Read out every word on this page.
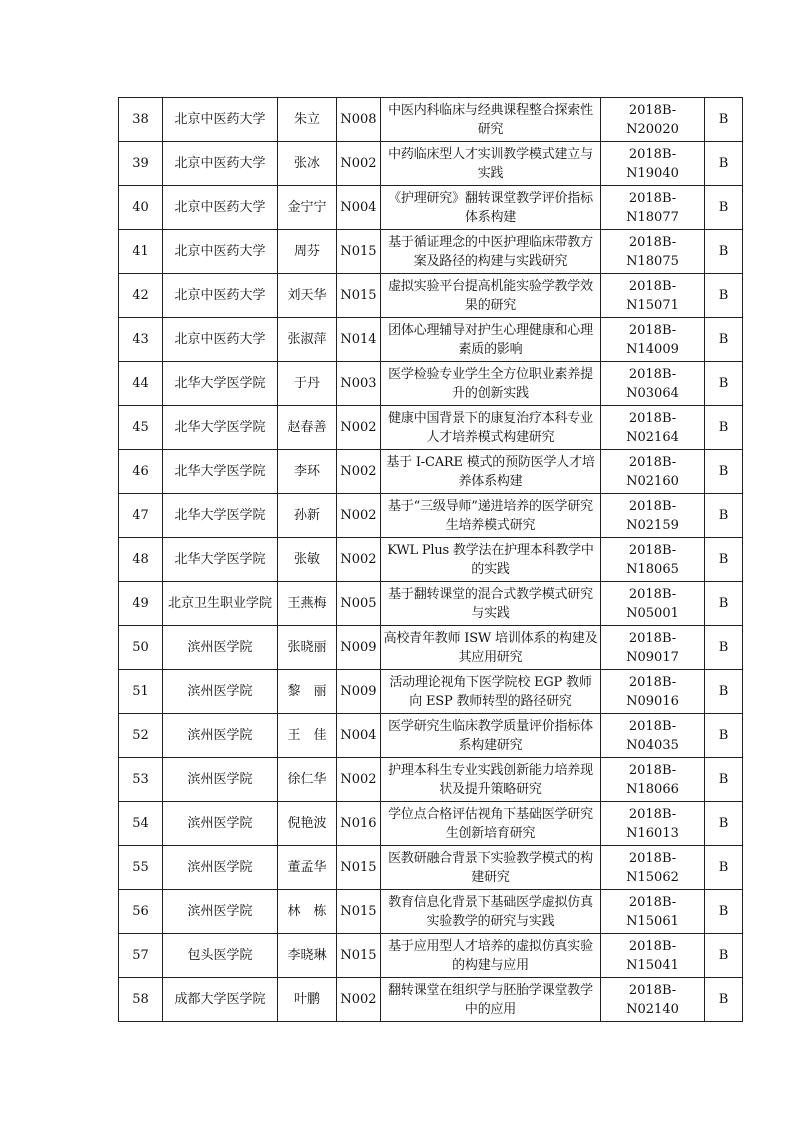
38	北京中医药大学	朱立	N008	中医内科临床与经典课程整合探索性研究	2018B-N20020	B
39	北京中医药大学	张冰	N002	中药临床型人才实训教学模式建立与实践	2018B-N19040	B
40	北京中医药大学	金宁宁	N004	《护理研究》翻转课堂教学评价指标体系构建	2018B-N18077	B
41	北京中医药大学	周芬	N015	基于循证理念的中医护理临床带教方案及路径的构建与实践研究	2018B-N18075	B
42	北京中医药大学	刘天华	N015	虚拟实验平台提高机能实验学教学效果的研究	2018B-N15071	B
43	北京中医药大学	张淑萍	N014	团体心理辅导对护生心理健康和心理素质的影响	2018B-N14009	B
44	北华大学医学院	于丹	N003	医学检验专业学生全方位职业素养提升的创新实践	2018B-N03064	B
45	北华大学医学院	赵春善	N002	健康中国背景下的康复治疗本科专业人才培养模式构建研究	2018B-N02164	B
46	北华大学医学院	李环	N002	基于 I-CARE 模式的预防医学人才培养体系构建	2018B-N02160	B
47	北华大学医学院	孙新	N002	基于“三级导师”递进培养的医学研究生培养模式研究	2018B-N02159	B
48	北华大学医学院	张敏	N002	KWL Plus 教学法在护理本科教学中的实践	2018B-N18065	B
49	北京卫生职业学院	王燕梅	N005	基于翻转课堂的混合式教学模式研究与实践	2018B-N05001	B
50	滨州医学院	张晓丽	N009	高校青年教师 ISW 培训体系的构建及其应用研究	2018B-N09017	B
51	滨州医学院	黎　丽	N009	活动理论视角下医学院校 EGP 教师向 ESP 教师转型的路径研究	2018B-N09016	B
52	滨州医学院	王　佳	N004	医学研究生临床教学质量评价指标体系构建研究	2018B-N04035	B
53	滨州医学院	徐仁华	N002	护理本科生专业实践创新能力培养现状及提升策略研究	2018B-N18066	B
54	滨州医学院	倪艳波	N016	学位点合格评估视角下基础医学研究生创新培育研究	2018B-N16013	B
55	滨州医学院	董孟华	N015	医教研融合背景下实验教学模式的构建研究	2018B-N15062	B
56	滨州医学院	林　栋	N015	教育信息化背景下基础医学虚拟仿真实验教学的研究与实践	2018B-N15061	B
57	包头医学院	李晓琳	N015	基于应用型人才培养的虚拟仿真实验的构建与应用	2018B-N15041	B
58	成都大学医学院	叶鹏	N002	翻转课堂在组织学与胚胎学课堂教学中的应用	2018B-N02140	B
